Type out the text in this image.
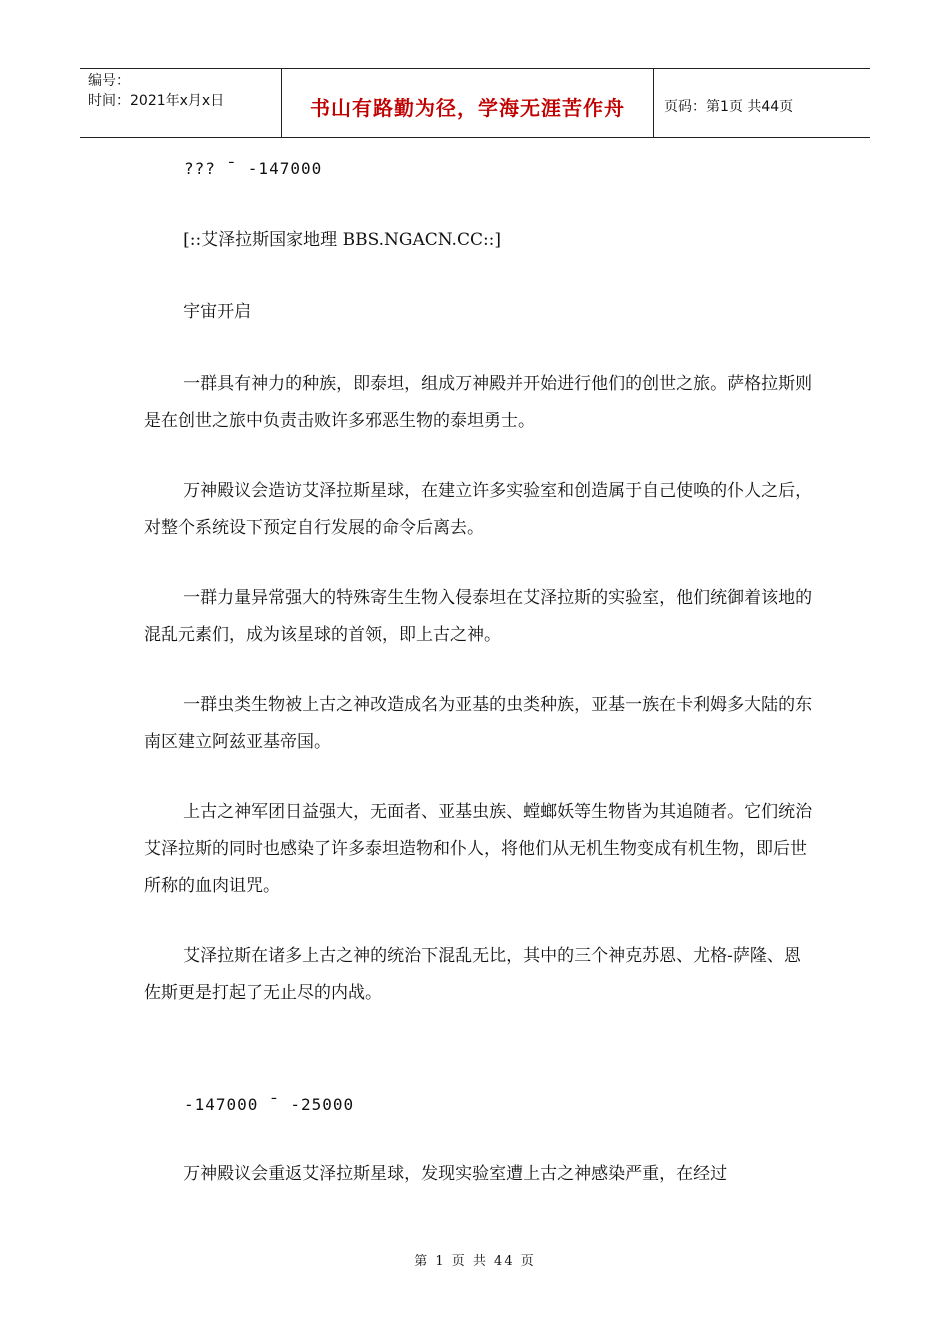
编号：
时间：2021年x月x日	书山有路勤为径，学海无涯苦作舟	页码：第1页 共44页

??? ¯ -147000

[::艾泽拉斯国家地理 BBS.NGACN.CC::]

宇宙开启

一群具有神力的种族，即泰坦，组成万神殿并开始进行他们的创世之旅。萨格拉斯则是在创世之旅中负责击败许多邪恶生物的泰坦勇士。

万神殿议会造访艾泽拉斯星球，在建立许多实验室和创造属于自己使唤的仆人之后，对整个系统设下预定自行发展的命令后离去。

一群力量异常强大的特殊寄生生物入侵泰坦在艾泽拉斯的实验室，他们统御着该地的混乱元素们，成为该星球的首领，即上古之神。

一群虫类生物被上古之神改造成名为亚基的虫类种族，亚基一族在卡利姆多大陆的东南区建立阿兹亚基帝国。

上古之神军团日益强大，无面者、亚基虫族、螳螂妖等生物皆为其追随者。它们统治艾泽拉斯的同时也感染了许多泰坦造物和仆人，将他们从无机生物变成有机生物，即后世所称的血肉诅咒。

艾泽拉斯在诸多上古之神的统治下混乱无比，其中的三个神克苏恩、尤格-萨隆、恩佐斯更是打起了无止尽的内战。

-147000 ¯ -25000

万神殿议会重返艾泽拉斯星球，发现实验室遭上古之神感染严重，在经过

第 1 页 共 44 页
